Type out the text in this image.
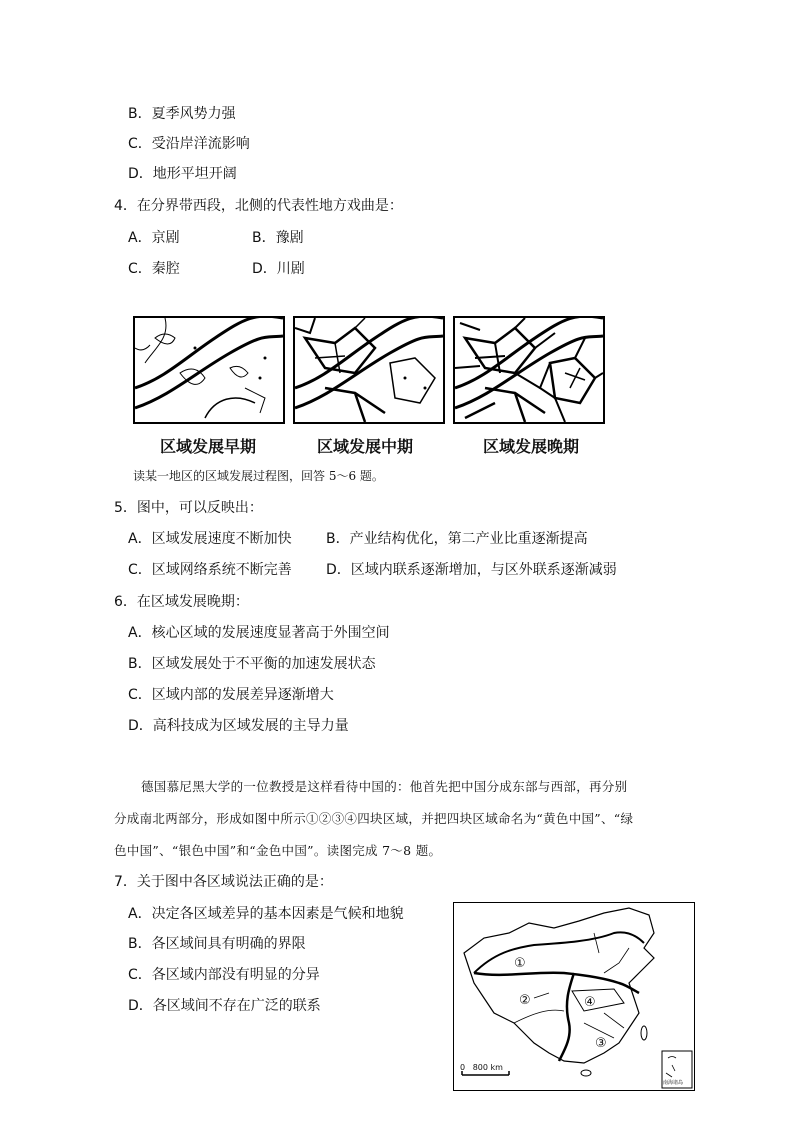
B．夏季风势力强
C．受沿岸洋流影响
D．地形平坦开阔
4．在分界带西段，北侧的代表性地方戏曲是：
A．京剧	B．豫剧
C．秦腔	D．川剧
区域发展早期	区域发展中期	区域发展晚期
读某一地区的区域发展过程图，回答 5～6 题。
5．图中，可以反映出：
A．区域发展速度不断加快 B．产业结构优化，第二产业比重逐渐提高
C．区域网络系统不断完善 D．区域内联系逐渐增加，与区外联系逐渐减弱
6．在区域发展晚期：
A．核心区域的发展速度显著高于外围空间
B．区域发展处于不平衡的加速发展状态
C．区域内部的发展差异逐渐增大
D．高科技成为区域发展的主导力量
德国慕尼黑大学的一位教授是这样看待中国的：他首先把中国分成东部与西部，再分别
分成南北两部分，形成如图中所示①②③④四块区域，并把四块区域命名为“黄色中国”、“绿
色中国”、“银色中国”和“金色中国”。读图完成 7～8 题。
7．关于图中各区域说法正确的是：
A．决定各区域差异的基本因素是气候和地貌
B．各区域间具有明确的界限
C．各区域内部没有明显的分异
D．各区域间不存在广泛的联系
①
②
③
④
0   800 km
南海诸岛
